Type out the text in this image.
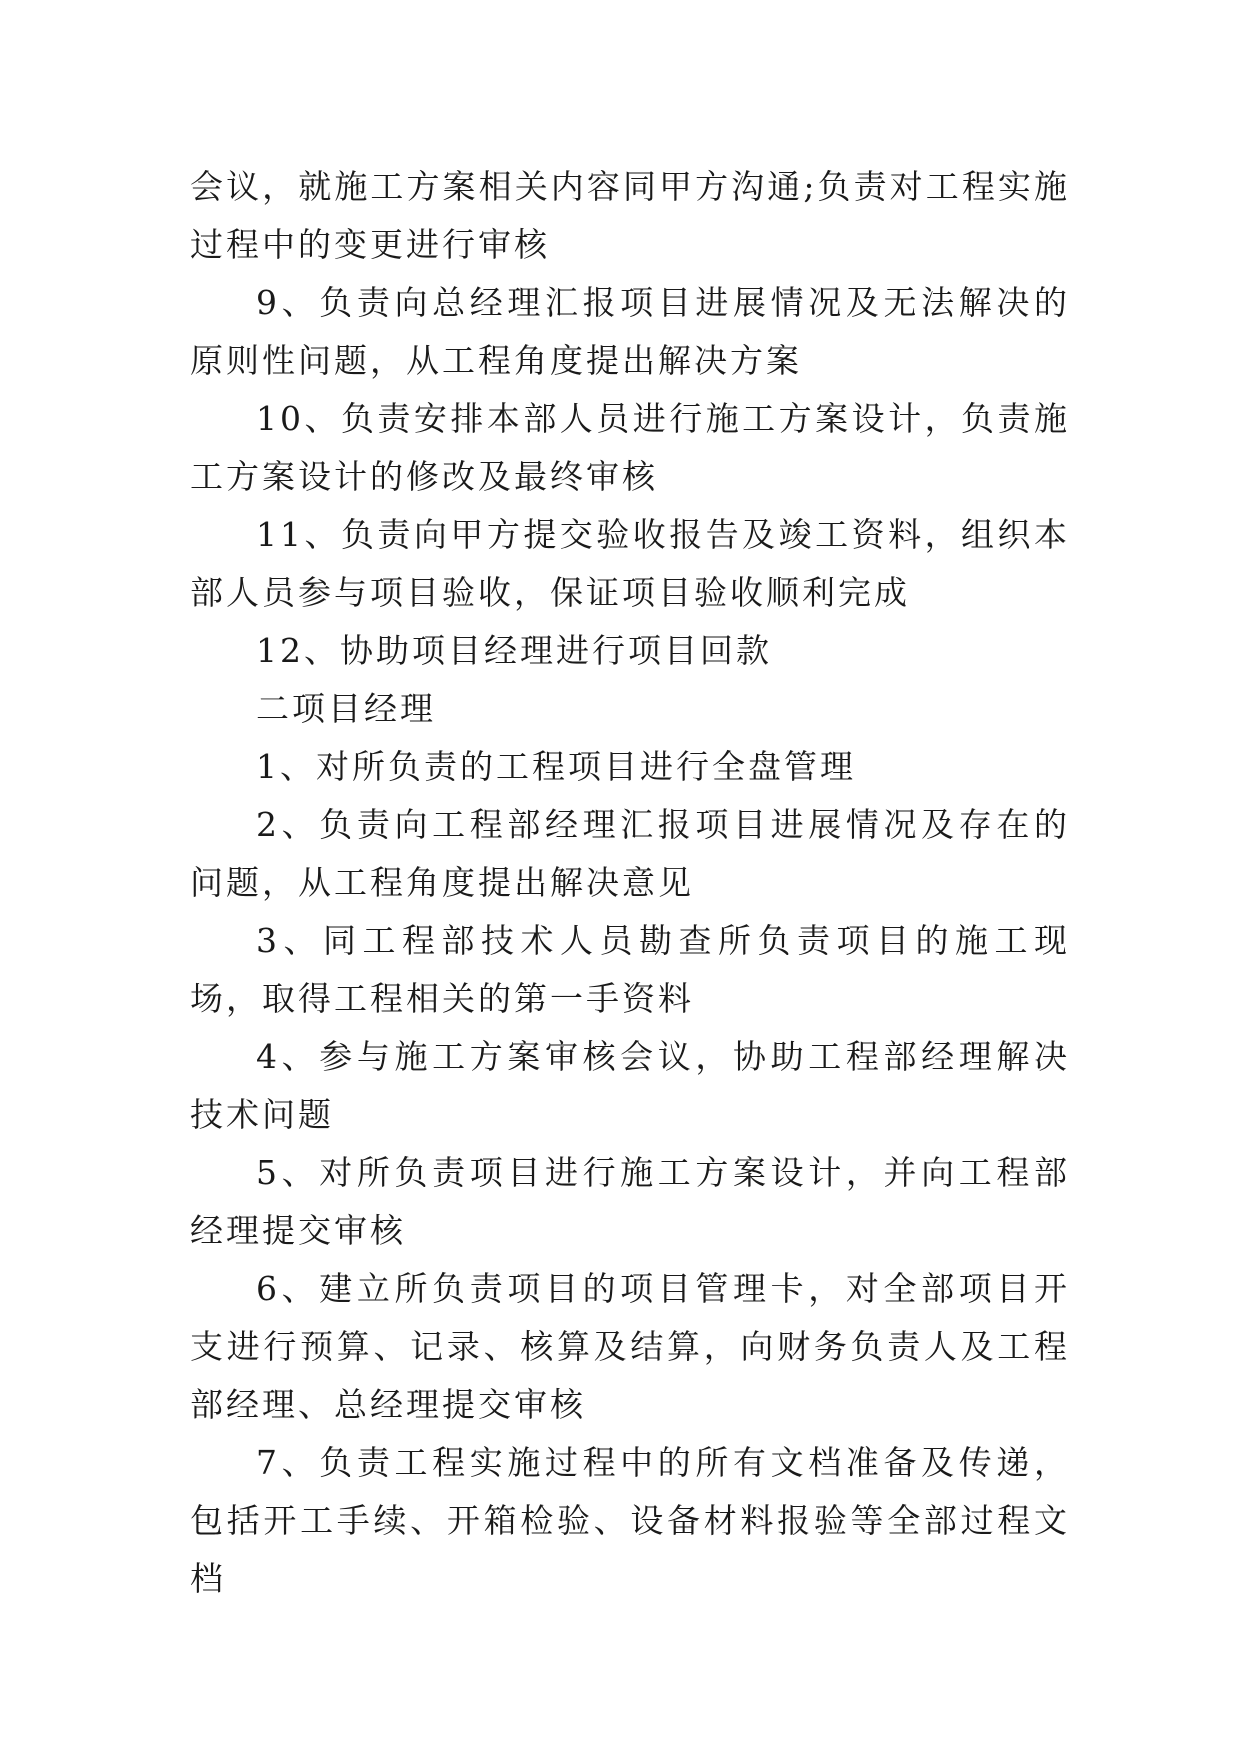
会议，就施工方案相关内容同甲方沟通;负责对工程实施过程中的变更进行审核

9、负责向总经理汇报项目进展情况及无法解决的原则性问题，从工程角度提出解决方案

10、负责安排本部人员进行施工方案设计，负责施工方案设计的修改及最终审核

11、负责向甲方提交验收报告及竣工资料，组织本部人员参与项目验收，保证项目验收顺利完成

12、协助项目经理进行项目回款

二项目经理

1、对所负责的工程项目进行全盘管理

2、负责向工程部经理汇报项目进展情况及存在的问题，从工程角度提出解决意见

3、同工程部技术人员勘查所负责项目的施工现场，取得工程相关的第一手资料

4、参与施工方案审核会议，协助工程部经理解决技术问题

5、对所负责项目进行施工方案设计，并向工程部经理提交审核

6、建立所负责项目的项目管理卡，对全部项目开支进行预算、记录、核算及结算，向财务负责人及工程部经理、总经理提交审核

7、负责工程实施过程中的所有文档准备及传递，包括开工手续、开箱检验、设备材料报验等全部过程文档
